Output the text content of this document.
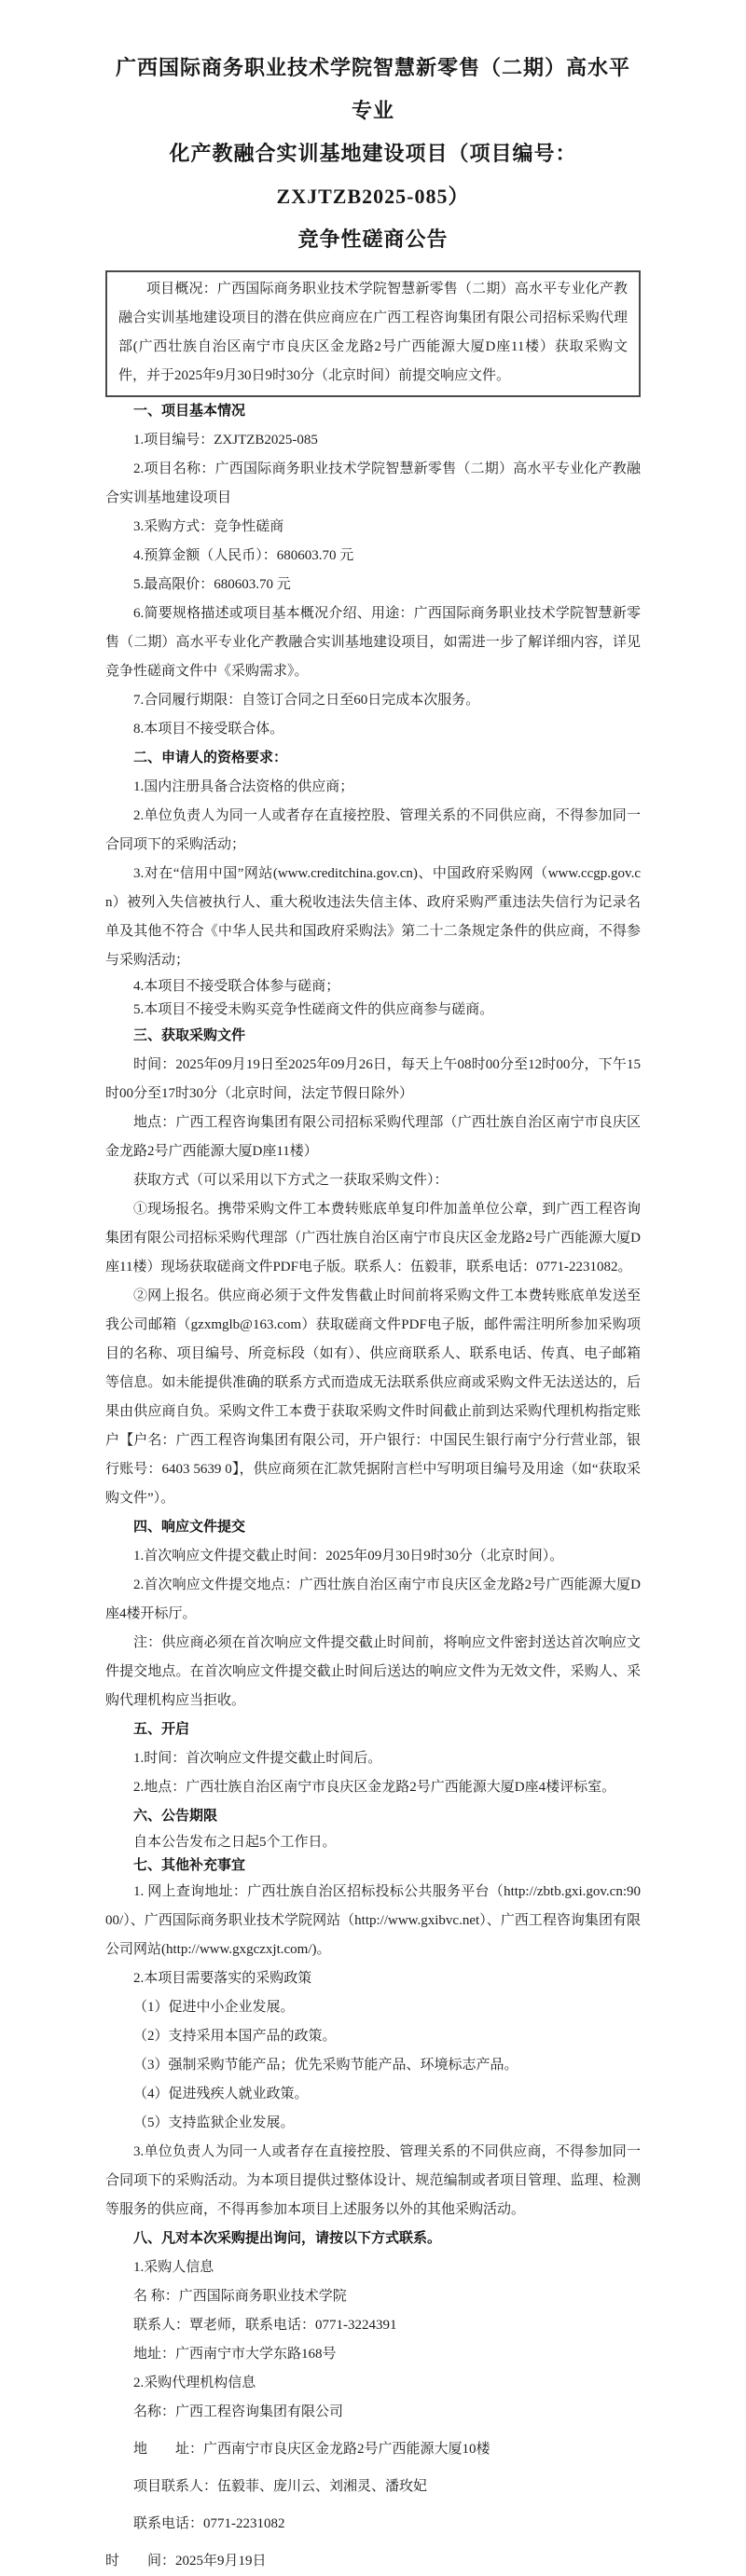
广西国际商务职业技术学院智慧新零售（二期）高水平专业
化产教融合实训基地建设项目（项目编号：ZXJTZB2025-085）
竞争性磋商公告

项目概况：广西国际商务职业技术学院智慧新零售（二期）高水平专业化产教融合实训基地建设项目的潜在供应商应在广西工程咨询集团有限公司招标采购代理部(广西壮族自治区南宁市良庆区金龙路2号广西能源大厦D座11楼）获取采购文件，并于2025年9月30日9时30分（北京时间）前提交响应文件。

一、项目基本情况

1.项目编号：ZXJTZB2025-085

2.项目名称：广西国际商务职业技术学院智慧新零售（二期）高水平专业化产教融合实训基地建设项目

3.采购方式：竞争性磋商

4.预算金额（人民币）：680603.70 元

5.最高限价：680603.70 元

6.简要规格描述或项目基本概况介绍、用途：广西国际商务职业技术学院智慧新零售（二期）高水平专业化产教融合实训基地建设项目，如需进一步了解详细内容，详见竞争性磋商文件中《采购需求》。

7.合同履行期限：自签订合同之日至60日完成本次服务。

8.本项目不接受联合体。

二、申请人的资格要求：

1.国内注册具备合法资格的供应商；

2.单位负责人为同一人或者存在直接控股、管理关系的不同供应商，不得参加同一合同项下的采购活动；

3.对在“信用中国”网站(www.creditchina.gov.cn)、中国政府采购网（www.ccgp.gov.cn）被列入失信被执行人、重大税收违法失信主体、政府采购严重违法失信行为记录名单及其他不符合《中华人民共和国政府采购法》第二十二条规定条件的供应商，不得参与采购活动；

4.本项目不接受联合体参与磋商；

5.本项目不接受未购买竞争性磋商文件的供应商参与磋商。

三、获取采购文件

时间：2025年09月19日至2025年09月26日，每天上午08时00分至12时00分，下午15时00分至17时30分（北京时间，法定节假日除外）

地点：广西工程咨询集团有限公司招标采购代理部（广西壮族自治区南宁市良庆区金龙路2号广西能源大厦D座11楼）

获取方式（可以采用以下方式之一获取采购文件）：

①现场报名。携带采购文件工本费转账底单复印件加盖单位公章，到广西工程咨询集团有限公司招标采购代理部（广西壮族自治区南宁市良庆区金龙路2号广西能源大厦D座11楼）现场获取磋商文件PDF电子版。联系人：伍毅菲，联系电话：0771-2231082。

②网上报名。供应商必须于文件发售截止时间前将采购文件工本费转账底单发送至我公司邮箱（gzxmglb@163.com）获取磋商文件PDF电子版，邮件需注明所参加采购项目的名称、项目编号、所竞标段（如有）、供应商联系人、联系电话、传真、电子邮箱等信息。如未能提供准确的联系方式而造成无法联系供应商或采购文件无法送达的，后果由供应商自负。采购文件工本费于获取采购文件时间截止前到达采购代理机构指定账户【户名：广西工程咨询集团有限公司，开户银行：中国民生银行南宁分行营业部，银行账号：6403 5639 0】，供应商须在汇款凭据附言栏中写明项目编号及用途（如“获取采购文件”）。

四、响应文件提交

1.首次响应文件提交截止时间：2025年09月30日9时30分（北京时间）。

2.首次响应文件提交地点：广西壮族自治区南宁市良庆区金龙路2号广西能源大厦D座4楼开标厅。

注：供应商必须在首次响应文件提交截止时间前，将响应文件密封送达首次响应文件提交地点。在首次响应文件提交截止时间后送达的响应文件为无效文件，采购人、采购代理机构应当拒收。

五、开启

1.时间：首次响应文件提交截止时间后。

2.地点：广西壮族自治区南宁市良庆区金龙路2号广西能源大厦D座4楼评标室。

六、公告期限

自本公告发布之日起5个工作日。

七、其他补充事宜

1. 网上查询地址：广西壮族自治区招标投标公共服务平台（http://zbtb.gxi.gov.cn:9000/）、广西国际商务职业技术学院网站（http://www.gxibvc.net）、广西工程咨询集团有限公司网站(http://www.gxgczxjt.com/)。

2.本项目需要落实的采购政策

（1）促进中小企业发展。

（2）支持采用本国产品的政策。

（3）强制采购节能产品；优先采购节能产品、环境标志产品。

（4）促进残疾人就业政策。

（5）支持监狱企业发展。

3.单位负责人为同一人或者存在直接控股、管理关系的不同供应商，不得参加同一合同项下的采购活动。为本项目提供过整体设计、规范编制或者项目管理、监理、检测等服务的供应商，不得再参加本项目上述服务以外的其他采购活动。

八、凡对本次采购提出询问，请按以下方式联系。

1.采购人信息

名 称：广西国际商务职业技术学院

联系人：覃老师，联系电话：0771-3224391

地址：广西南宁市大学东路168号

2.采购代理机构信息

名称：广西工程咨询集团有限公司

地　　址：广西南宁市良庆区金龙路2号广西能源大厦10楼

项目联系人：伍毅菲、庞川云、刘湘灵、潘玫妃

联系电话：0771-2231082

时　　间：2025年9月19日
